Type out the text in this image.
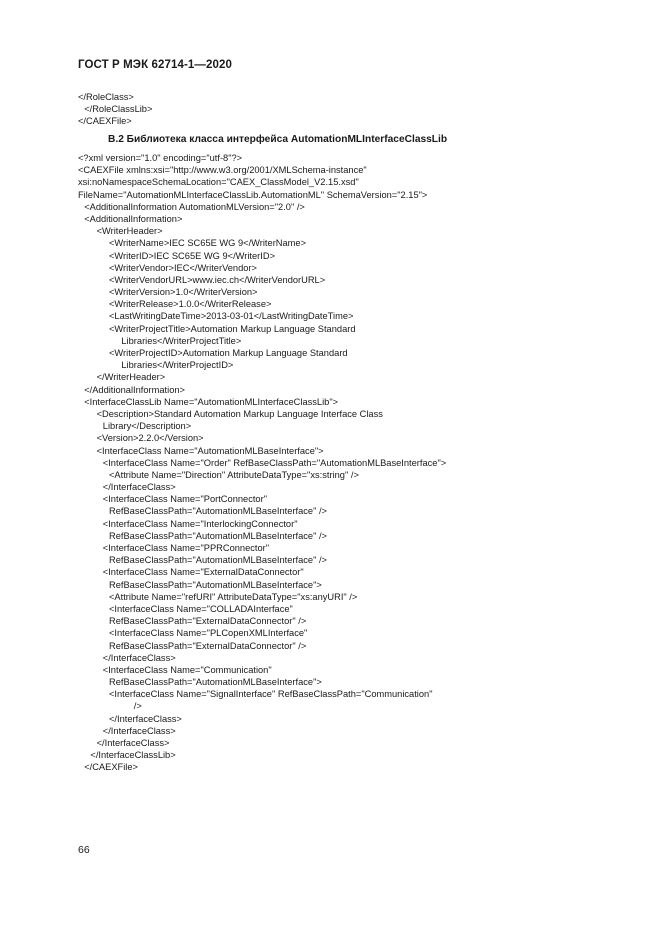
ГОСТ Р МЭК 62714-1—2020
</RoleClass>
</RoleClassLib>
</CAEXFile>
B.2 Библиотека класса интерфейса AutomationMLInterfaceClassLib
<?xml version="1.0" encoding="utf-8"?>
<CAEXFile xmlns:xsi="http://www.w3.org/2001/XMLSchema-instance"
xsi:noNamespaceSchemaLocation="CAEX_ClassModel_V2.15.xsd"
FileName="AutomationMLInterfaceClassLib.AutomationML" SchemaVersion="2.15">
<AdditionalInformation AutomationMLVersion="2.0" />
<AdditionalInformation>
<WriterHeader>
<WriterName>IEC SC65E WG 9</WriterName>
<WriterID>IEC SC65E WG 9</WriterID>
<WriterVendor>IEC</WriterVendor>
<WriterVendorURL>www.iec.ch</WriterVendorURL>
<WriterVersion>1.0</WriterVersion>
<WriterRelease>1.0.0</WriterRelease>
<LastWritingDateTime>2013-03-01</LastWritingDateTime>
<WriterProjectTitle>Automation Markup Language Standard
Libraries</WriterProjectTitle>
<WriterProjectID>Automation Markup Language Standard
Libraries</WriterProjectID>
</WriterHeader>
</AdditionalInformation>
<InterfaceClassLib Name="AutomationMLInterfaceClassLib">
<Description>Standard Automation Markup Language Interface Class
Library</Description>
<Version>2.2.0</Version>
<InterfaceClass Name="AutomationMLBaseInterface">
<InterfaceClass Name="Order" RefBaseClassPath="AutomationMLBaseInterface">
<Attribute Name="Direction" AttributeDataType="xs:string" />
</InterfaceClass>
<InterfaceClass Name="PortConnector"
RefBaseClassPath="AutomationMLBaseInterface" />
<InterfaceClass Name="InterlockingConnector"
RefBaseClassPath="AutomationMLBaseInterface" />
<InterfaceClass Name="PPRConnector"
RefBaseClassPath="AutomationMLBaseInterface" />
<InterfaceClass Name="ExternalDataConnector"
RefBaseClassPath="AutomationMLBaseInterface">
<Attribute Name="refURI" AttributeDataType="xs:anyURI" />
<InterfaceClass Name="COLLADAInterface"
RefBaseClassPath="ExternalDataConnector" />
<InterfaceClass Name="PLCopenXMLInterface"
RefBaseClassPath="ExternalDataConnector" />
</InterfaceClass>
<InterfaceClass Name="Communication"
RefBaseClassPath="AutomationMLBaseInterface">
<InterfaceClass Name="SignalInterface" RefBaseClassPath="Communication"
/>
</InterfaceClass>
</InterfaceClass>
</InterfaceClass>
</InterfaceClassLib>
</CAEXFile>
66
